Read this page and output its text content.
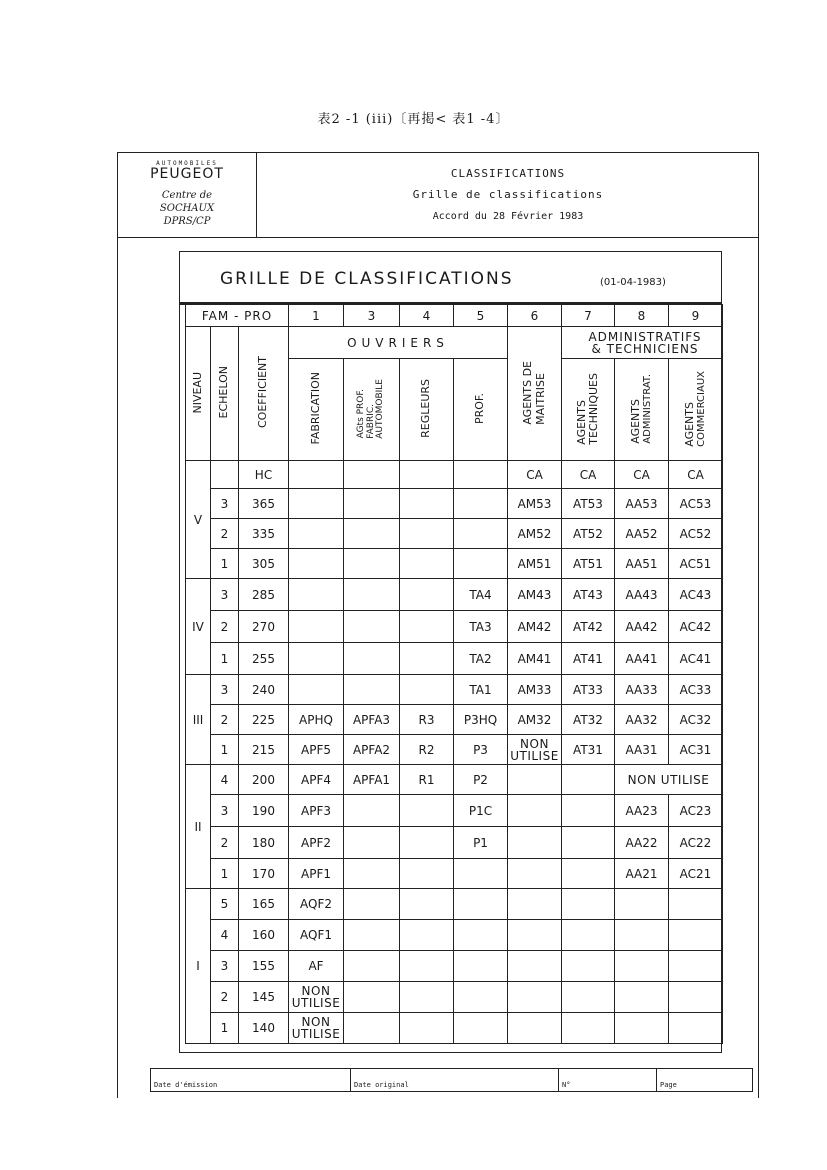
表2 -1 (iii)〔再掲< 表1 -4〕
AUTOMOBILES
PEUGEOT
Centre de
SOCHAUX
DPRS/CP
CLASSIFICATIONS
Grille de classifications
Accord du 28 Février 1983
GRILLE DE CLASSIFICATIONS	(01-04-1983)
FAM - PRO			1	3	4	5	6	7	8	9
NIVEAU	ECHELON	COEFFICIENT	OUVRIERS				AGENTS DEMAITRISE	ADMINISTRATIFS
& TECHNICIENS		

			FABRICATION	AGts PROF.FABRIC.AUTOMOBILE	REGLEURS	PROF.		AGENTSTECHNIQUES	AGENTSADMINISTRAT.	AGENTSCOMMERCIAUX
V		HC					CA	CA	CA	CA
	3	365					AM53	AT53	AA53	AC53
	2	335					AM52	AT52	AA52	AC52
	1	305					AM51	AT51	AA51	AC51
IV	3	285				TA4	AM43	AT43	AA43	AC43
	2	270				TA3	AM42	AT42	AA42	AC42
	1	255				TA2	AM41	AT41	AA41	AC41
III	3	240				TA1	AM33	AT33	AA33	AC33
	2	225	APHQ	APFA3	R3	P3HQ	AM32	AT32	AA32	AC32
	1	215	APF5	APFA2	R2	P3	NON
UTILISE	AT31	AA31	AC31
II	4	200	APF4	APFA1	R1	P2			NON UTILISE	
	3	190	APF3			P1C			AA23	AC23
	2	180	APF2			P1			AA22	AC22
	1	170	APF1						AA21	AC21
I	5	165	AQF2							
	4	160	AQF1							
	3	155	AF							
	2	145	NON
UTILISE							

	1	140	NON
UTILISE							

Date d'émission	Date original	N°	Page
